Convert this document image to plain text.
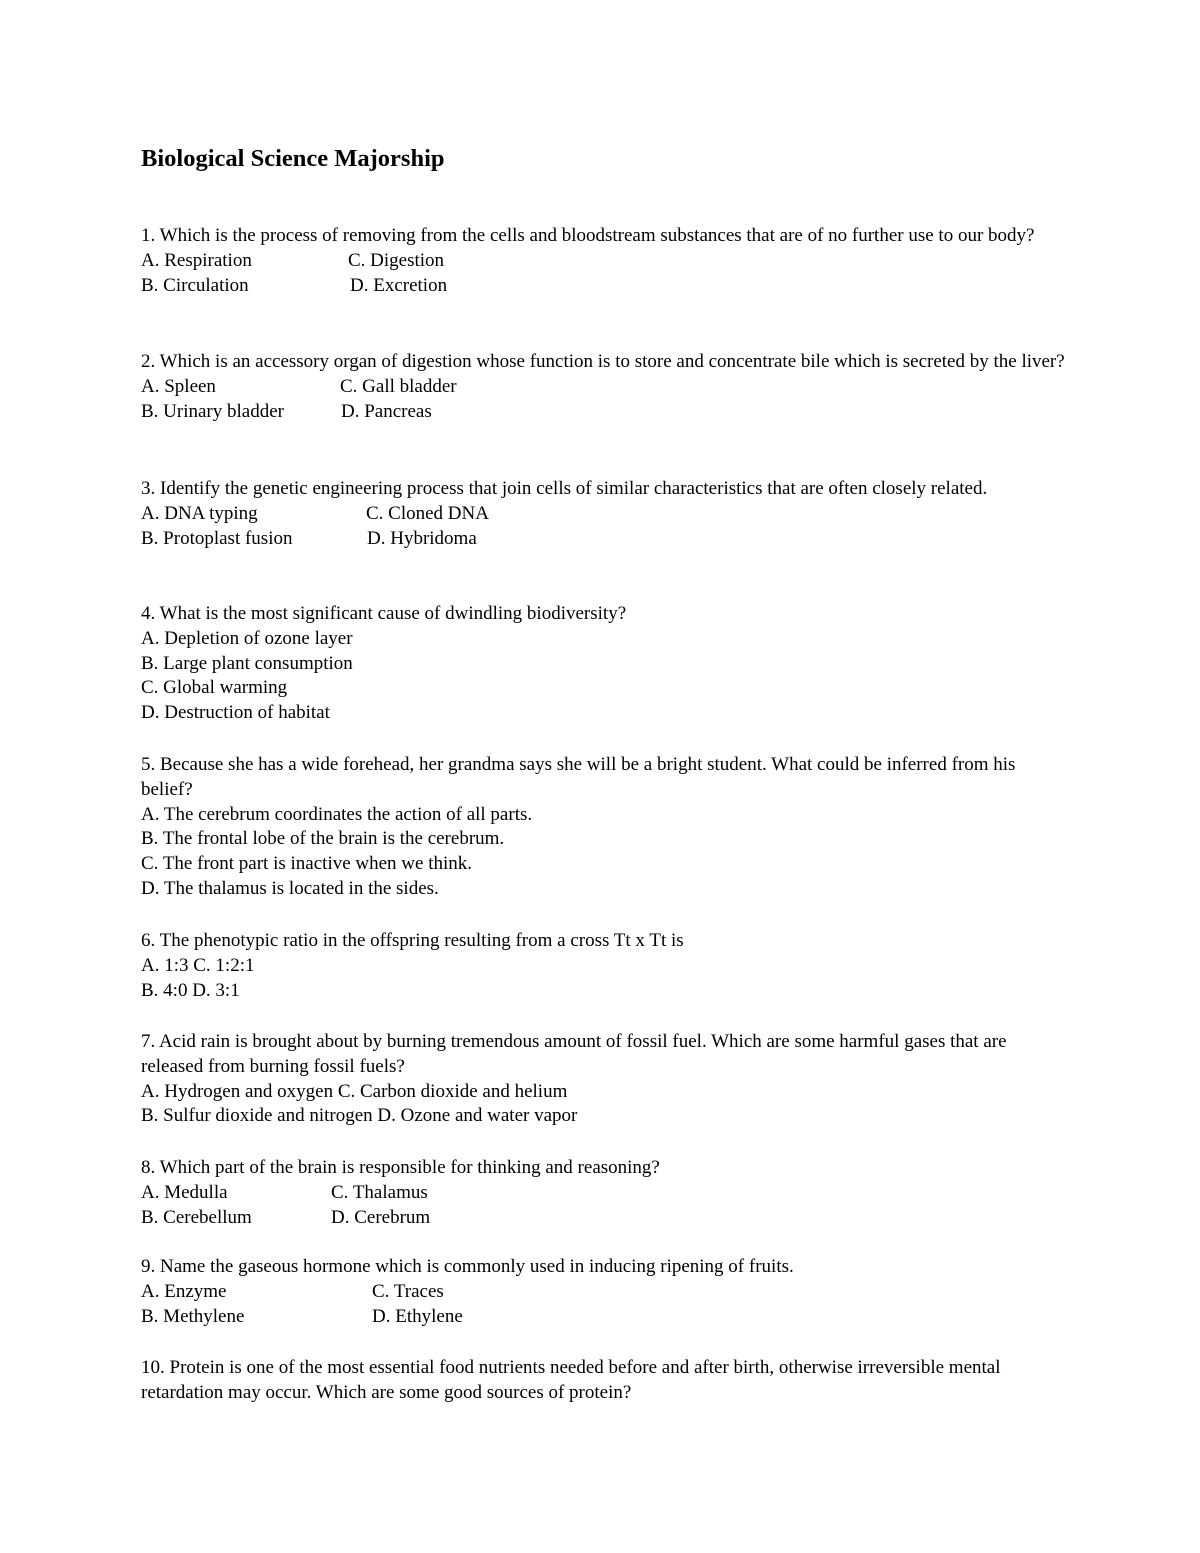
Biological Science Majorship
1. Which is the process of removing from the cells and bloodstream substances that are of no further use to our body?
A. Respiration	C. Digestion
B. Circulation	D. Excretion
2. Which is an accessory organ of digestion whose function is to store and concentrate bile which is secreted by the liver?
A. Spleen	C. Gall bladder
B. Urinary bladder	D. Pancreas
3. Identify the genetic engineering process that join cells of similar characteristics that are often closely related.
A. DNA typing	C. Cloned DNA
B. Protoplast fusion	D. Hybridoma
4. What is the most significant cause of dwindling biodiversity?
A. Depletion of ozone layer
B. Large plant consumption
C. Global warming
D. Destruction of habitat
5. Because she has a wide forehead, her grandma says she will be a bright student. What could be inferred from his belief?
A. The cerebrum coordinates the action of all parts.
B. The frontal lobe of the brain is the cerebrum.
C. The front part is inactive when we think.
D. The thalamus is located in the sides.
6. The phenotypic ratio in the offspring resulting from a cross Tt x Tt is
A. 1:3 C. 1:2:1
B. 4:0 D. 3:1
7. Acid rain is brought about by burning tremendous amount of fossil fuel. Which are some harmful gases that are released from burning fossil fuels?
A. Hydrogen and oxygen C. Carbon dioxide and helium
B. Sulfur dioxide and nitrogen D. Ozone and water vapor
8. Which part of the brain is responsible for thinking and reasoning?
A. Medulla	C. Thalamus
B. Cerebellum	D. Cerebrum
9. Name the gaseous hormone which is commonly used in inducing ripening of fruits.
A. Enzyme	C. Traces
B. Methylene	D. Ethylene
10. Protein is one of the most essential food nutrients needed before and after birth, otherwise irreversible mental retardation may occur. Which are some good sources of protein?
